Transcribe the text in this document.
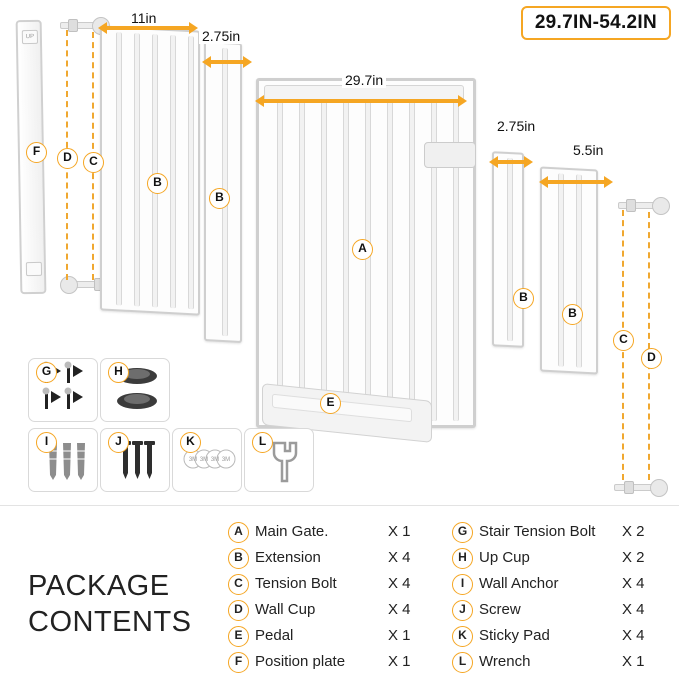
29.7IN-54.2IN
UP
11in
2.75in
29.7in
2.75in
5.5in
F	D	C
B
B
A
B
B
C
D
E
G	H
I	J
3M 3M 3M 3M
K	L
PACKAGE
CONTENTS
A Main Gate.	X 1
B Extension	X 4
C Tension Bolt	X 4
D Wall Cup	X 4
E Pedal	X 1
F Position plate	X 1
G Stair Tension Bolt	X 2
H Up Cup	X 2
I Wall Anchor	X 4
J Screw	X 4
K Sticky Pad	X 4
L Wrench	X 1
